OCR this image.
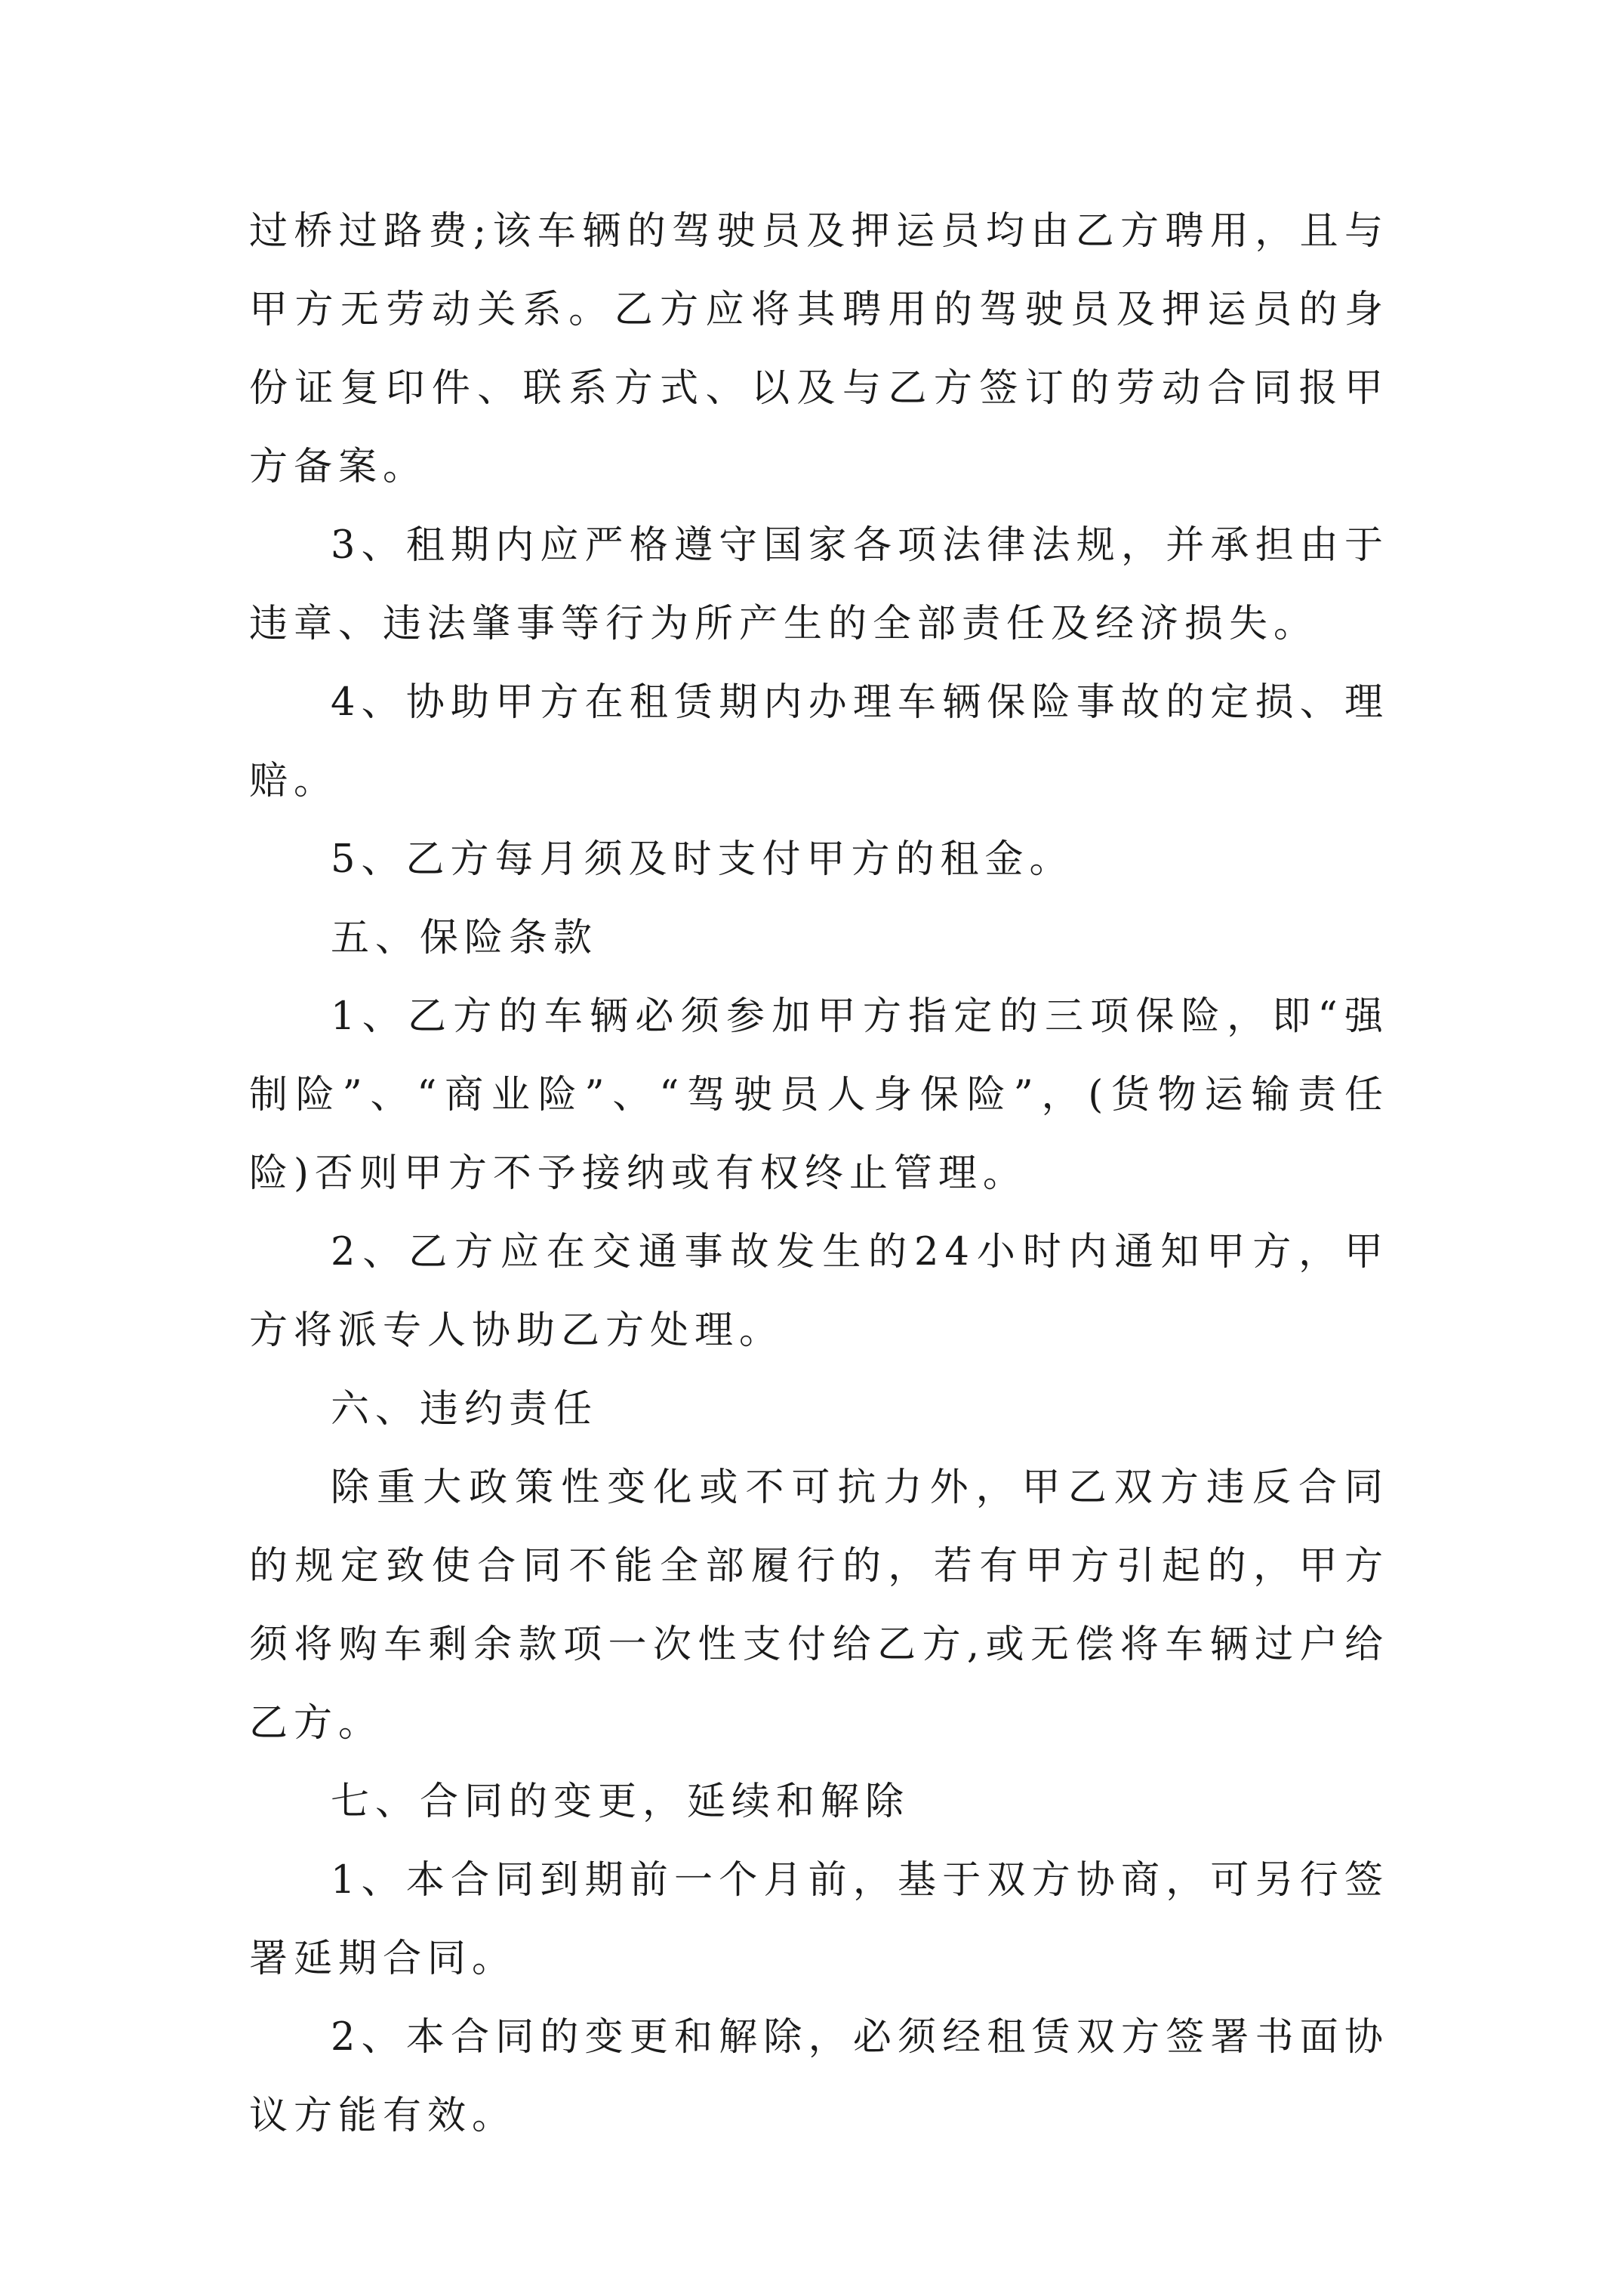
过桥过路费;该车辆的驾驶员及押运员均由乙方聘用，且与甲方无劳动关系。乙方应将其聘用的驾驶员及押运员的身份证复印件、联系方式、以及与乙方签订的劳动合同报甲方备案。

3、租期内应严格遵守国家各项法律法规，并承担由于违章、违法肇事等行为所产生的全部责任及经济损失。

4、协助甲方在租赁期内办理车辆保险事故的定损、理赔。

5、乙方每月须及时支付甲方的租金。

五、保险条款

1、乙方的车辆必须参加甲方指定的三项保险，即“强制险”、“商业险”、“驾驶员人身保险”，(货物运输责任险)否则甲方不予接纳或有权终止管理。

2、乙方应在交通事故发生的24小时内通知甲方，甲方将派专人协助乙方处理。

六、违约责任

除重大政策性变化或不可抗力外，甲乙双方违反合同的规定致使合同不能全部履行的，若有甲方引起的，甲方须将购车剩余款项一次性支付给乙方,或无偿将车辆过户给乙方。

七、合同的变更，延续和解除

1、本合同到期前一个月前，基于双方协商，可另行签署延期合同。

2、本合同的变更和解除，必须经租赁双方签署书面协议方能有效。
